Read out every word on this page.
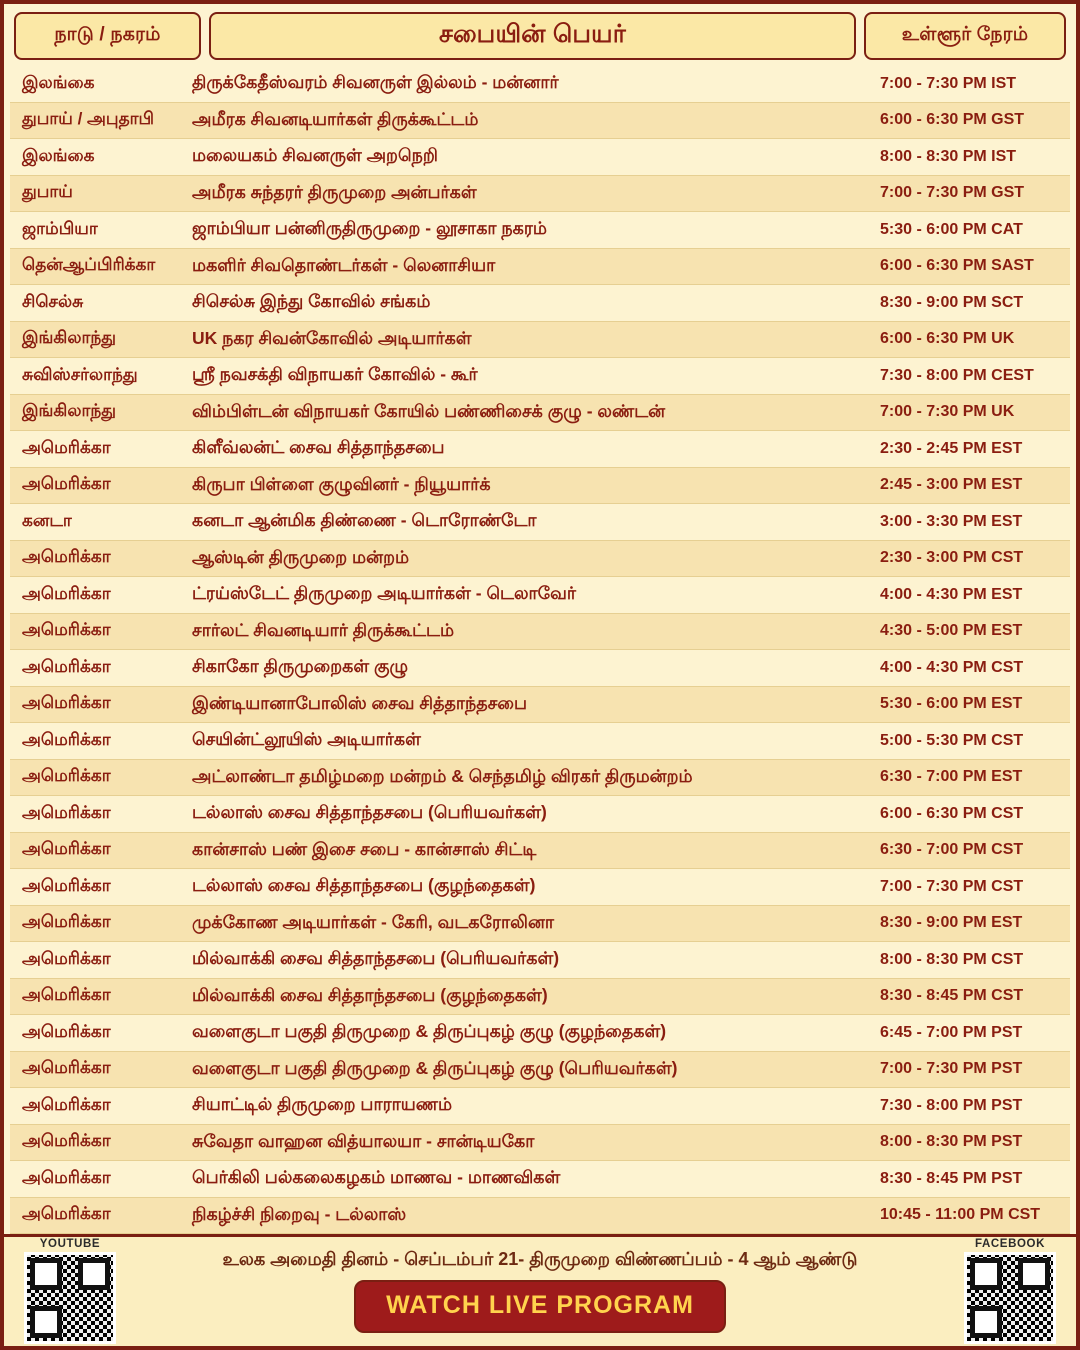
நாடு / நகரம்	சபையின் பெயர்	உள்ளூர் நேரம்
இலங்கை	திருக்கேதீஸ்வரம் சிவனருள் இல்லம் - மன்னார்	7:00 - 7:30 PM IST
துபாய் / அபுதாபி	அமீரக சிவனடியார்கள் திருக்கூட்டம்	6:00 - 6:30 PM GST
இலங்கை	மலையகம் சிவனருள் அறநெறி	8:00 - 8:30 PM IST
துபாய்	அமீரக சுந்தரர் திருமுறை அன்பர்கள்	7:00 - 7:30 PM GST
ஜாம்பியா	ஜாம்பியா பன்னிருதிருமுறை - லூசாகா நகரம்	5:30 - 6:00 PM CAT
தென்ஆப்பிரிக்கா	மகளிர் சிவதொண்டர்கள் - லெனாசியா	6:00 - 6:30 PM SAST
சிசெல்சு	சிசெல்சு இந்து கோவில் சங்கம்	8:30 - 9:00 PM SCT
இங்கிலாந்து	UK நகர சிவன்கோவில் அடியார்கள்	6:00 - 6:30 PM UK
சுவிஸ்சர்லாந்து	ஸ்ரீ நவசக்தி விநாயகர் கோவில் - கூர்	7:30 - 8:00 PM CEST
இங்கிலாந்து	விம்பிள்டன் விநாயகர் கோயில் பண்ணிசைக் குழு - லண்டன்	7:00 - 7:30 PM UK
அமெரிக்கா	கிளீவ்லன்ட் சைவ சித்தாந்தசபை	2:30 - 2:45 PM EST
அமெரிக்கா	கிருபா பிள்ளை குழுவினர் - நியூயார்க்	2:45 - 3:00 PM EST
கனடா	கனடா ஆன்மிக திண்ணை - டொரோண்டோ	3:00 - 3:30 PM EST
அமெரிக்கா	ஆஸ்டின் திருமுறை மன்றம்	2:30 - 3:00 PM CST
அமெரிக்கா	ட்ரய்ஸ்டேட் திருமுறை அடியார்கள் - டெலாவேர்	4:00 - 4:30 PM EST
அமெரிக்கா	சார்லட் சிவனடியார் திருக்கூட்டம்	4:30 - 5:00 PM EST
அமெரிக்கா	சிகாகோ திருமுறைகள் குழு	4:00 - 4:30 PM CST
அமெரிக்கா	இண்டியானாபோலிஸ் சைவ சித்தாந்தசபை	5:30 - 6:00 PM EST
அமெரிக்கா	செயின்ட்லூயிஸ் அடியார்கள்	5:00 - 5:30 PM CST
அமெரிக்கா	அட்லாண்டா தமிழ்மறை மன்றம் & செந்தமிழ் விரகர் திருமன்றம்	6:30 - 7:00 PM EST
அமெரிக்கா	டல்லாஸ் சைவ சித்தாந்தசபை (பெரியவர்கள்)	6:00 - 6:30 PM CST
அமெரிக்கா	கான்சாஸ் பண் இசை சபை - கான்சாஸ் சிட்டி	6:30 - 7:00 PM CST
அமெரிக்கா	டல்லாஸ் சைவ சித்தாந்தசபை (குழந்தைகள்)	7:00 - 7:30 PM CST
அமெரிக்கா	முக்கோண அடியார்கள் - கேரி, வடகரோலினா	8:30 - 9:00 PM EST
அமெரிக்கா	மில்வாக்கி சைவ சித்தாந்தசபை (பெரியவர்கள்)	8:00 - 8:30 PM CST
அமெரிக்கா	மில்வாக்கி சைவ சித்தாந்தசபை (குழந்தைகள்)	8:30 - 8:45 PM CST
அமெரிக்கா	வளைகுடா பகுதி திருமுறை & திருப்புகழ் குழு (குழந்தைகள்)	6:45 - 7:00 PM PST
அமெரிக்கா	வளைகுடா பகுதி திருமுறை & திருப்புகழ் குழு (பெரியவர்கள்)	7:00 - 7:30 PM PST
அமெரிக்கா	சியாட்டில் திருமுறை பாராயணம்	7:30 - 8:00 PM PST
அமெரிக்கா	சுவேதா வாஹன வித்யாலயா - சான்டியகோ	8:00 - 8:30 PM PST
அமெரிக்கா	பெர்கிலி பல்கலைகழகம் மாணவ - மாணவிகள்	8:30 - 8:45 PM PST
அமெரிக்கா	நிகழ்ச்சி நிறைவு - டல்லாஸ்	10:45 - 11:00 PM CST
YOUTUBE
உலக அமைதி தினம் - செப்டம்பர் 21- திருமுறை விண்ணப்பம் - 4 ஆம் ஆண்டு
WATCH LIVE PROGRAM
FACEBOOK
